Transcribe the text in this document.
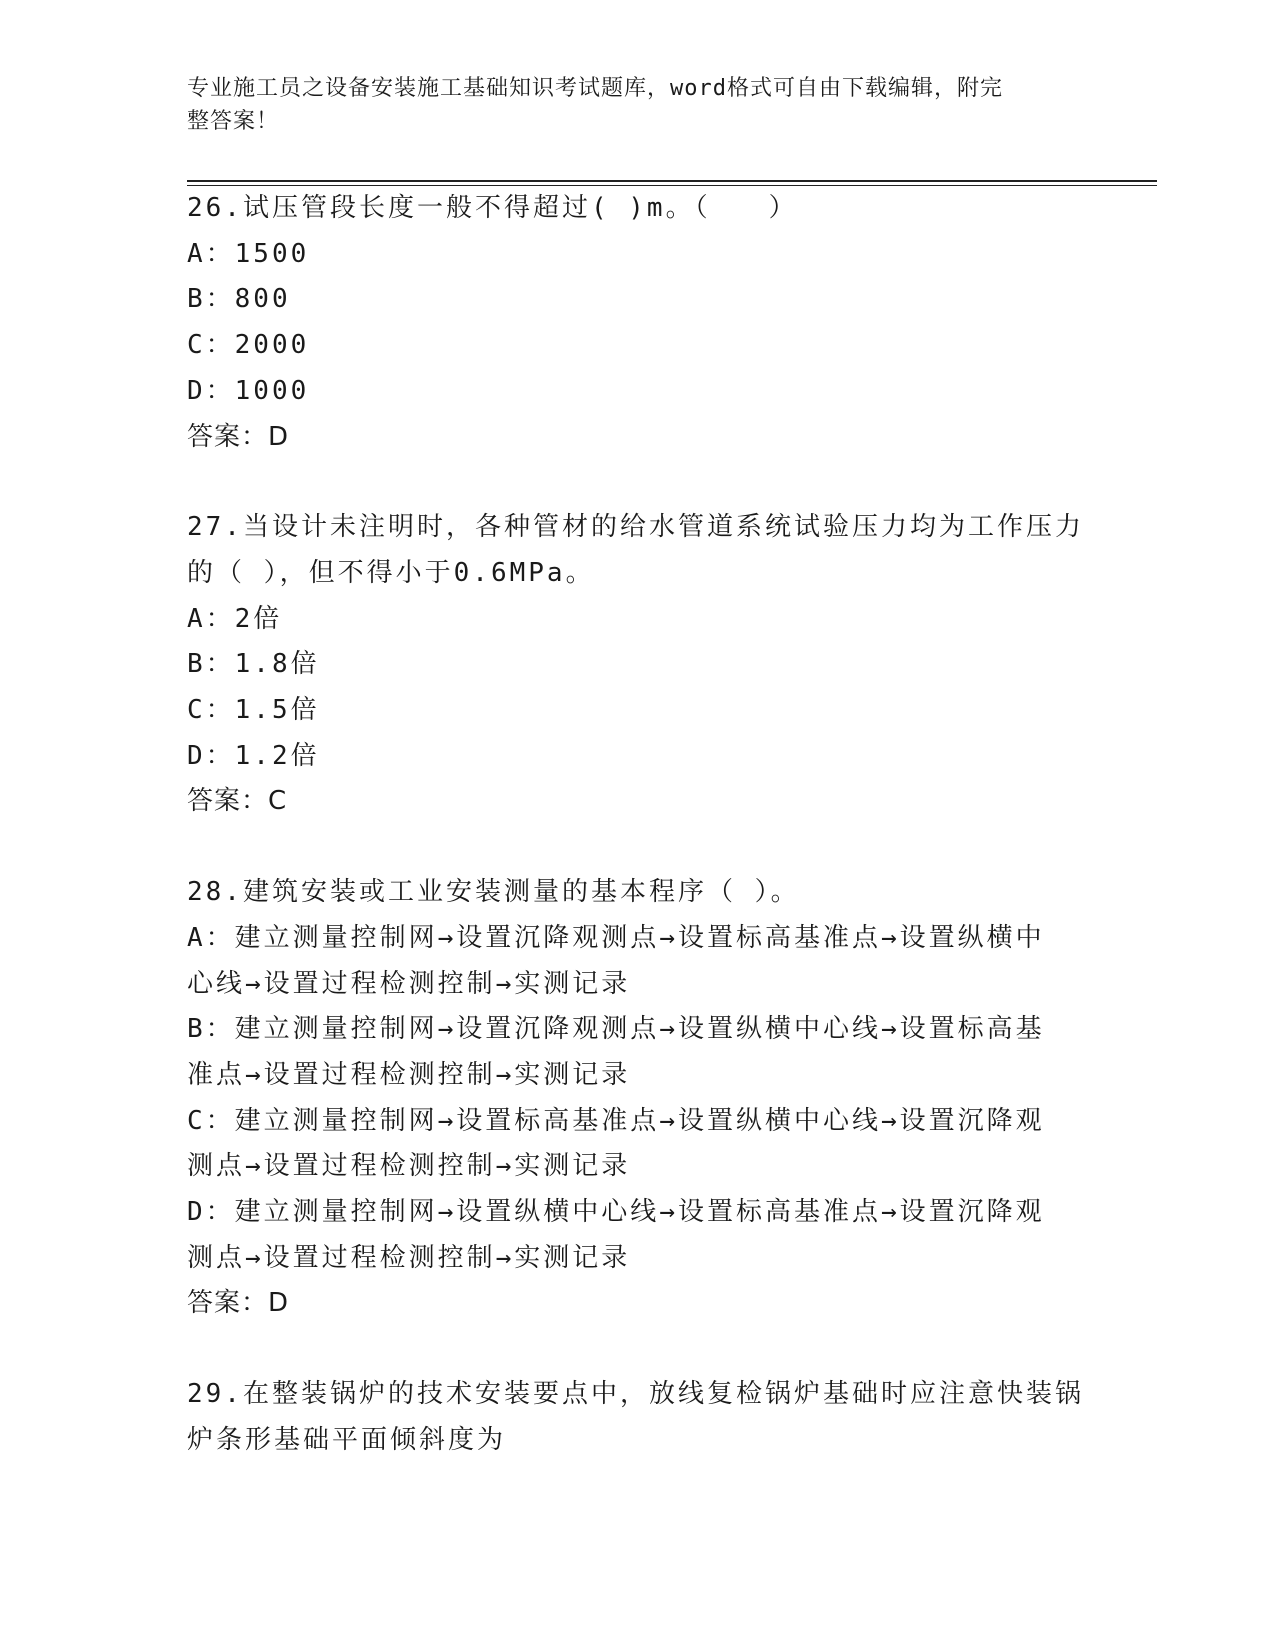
专业施工员之设备安装施工基础知识考试题库，word格式可自由下载编辑，附完
整答案！
26.试压管段长度一般不得超过( )m。（　　）
A：1500
B：800
C：2000
D：1000
答案：D
27.当设计未注明时，各种管材的给水管道系统试验压力均为工作压力
的（ ），但不得小于0.6MPa。
A：2倍
B：1.8倍
C：1.5倍
D：1.2倍
答案：C
28.建筑安装或工业安装测量的基本程序（ ）。
A：建立测量控制网→设置沉降观测点→设置标高基准点→设置纵横中
心线→设置过程检测控制→实测记录
B：建立测量控制网→设置沉降观测点→设置纵横中心线→设置标高基
准点→设置过程检测控制→实测记录
C：建立测量控制网→设置标高基准点→设置纵横中心线→设置沉降观
测点→设置过程检测控制→实测记录
D：建立测量控制网→设置纵横中心线→设置标高基准点→设置沉降观
测点→设置过程检测控制→实测记录
答案：D
29.在整装锅炉的技术安装要点中，放线复检锅炉基础时应注意快装锅
炉条形基础平面倾斜度为
